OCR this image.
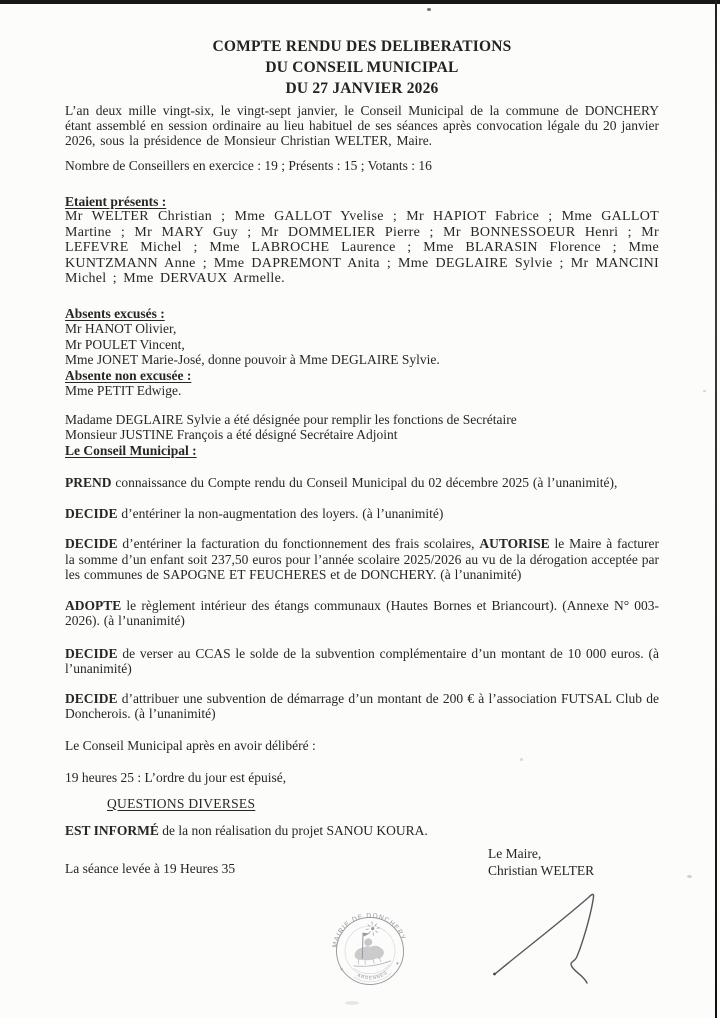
COMPTE RENDU DES DELIBERATIONS
DU CONSEIL MUNICIPAL
DU 27 JANVIER 2026

L’an deux mille vingt-six, le vingt-sept janvier, le Conseil Municipal de la commune de DONCHERY étant assemblé en session ordinaire au lieu habituel de ses séances après convocation légale du 20 janvier 2026, sous la présidence de Monsieur Christian WELTER, Maire.

Nombre de Conseillers en exercice : 19 ; Présents : 15 ; Votants : 16

Etaient présents :

Mr WELTER Christian ; Mme GALLOT Yvelise ; Mr HAPIOT Fabrice ; Mme GALLOT Martine ; Mr MARY Guy ; Mr DOMMELIER Pierre ; Mr BONNESSOEUR Henri ; Mr LEFEVRE Michel ; Mme LABROCHE Laurence ; Mme BLARASIN Florence ; Mme KUNTZMANN Anne ; Mme DAPREMONT Anita ; Mme DEGLAIRE Sylvie ; Mr MANCINI Michel ; Mme DERVAUX Armelle.

Absents excusés :

Mr HANOT Olivier,

Mr POULET Vincent,

Mme JONET Marie-José, donne pouvoir à Mme DEGLAIRE Sylvie.

Absente non excusée :

Mme PETIT Edwige.

Madame DEGLAIRE Sylvie a été désignée pour remplir les fonctions de Secrétaire

Monsieur JUSTINE François a été désigné Secrétaire Adjoint

Le Conseil Municipal :

PREND connaissance du Compte rendu du Conseil Municipal du 02 décembre 2025 (à l’unanimité),

DECIDE d’entériner la non-augmentation des loyers. (à l’unanimité)

DECIDE d’entériner la facturation du fonctionnement des frais scolaires, AUTORISE le Maire à facturer la somme d’un enfant soit 237,50 euros pour l’année scolaire 2025/2026 au vu de la dérogation acceptée par les communes de SAPOGNE ET FEUCHERES et de DONCHERY. (à l’unanimité)

ADOPTE le règlement intérieur des étangs communaux (Hautes Bornes et Briancourt). (Annexe N° 003-2026). (à l’unanimité)

DECIDE de verser au CCAS le solde de la subvention complémentaire d’un montant de 10 000 euros. (à l’unanimité)

DECIDE d’attribuer une subvention de démarrage d’un montant de 200 € à l’association FUTSAL Club de Doncherois. (à l’unanimité)

Le Conseil Municipal après en avoir délibéré :

19 heures 25 : L’ordre du jour est épuisé,

QUESTIONS DIVERSES

EST INFORMÉ de la non réalisation du projet SANOU KOURA.

La séance levée à 19 Heures 35

Le Maire,
Christian WELTER
MAIRIE DE DONCHERY
ARDENNES
✶
✶
